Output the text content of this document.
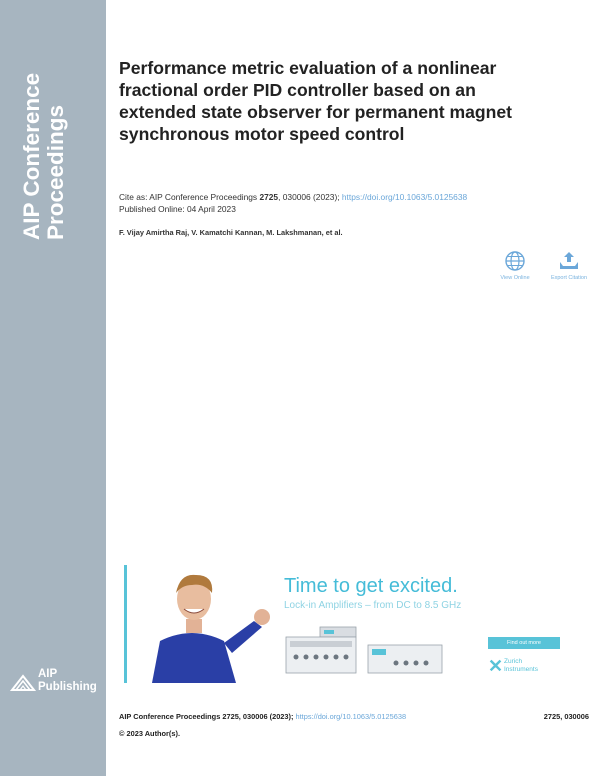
AIP Conference Proceedings
AIP
Publishing
Performance metric evaluation of a nonlinear fractional order PID controller based on an extended state observer for permanent magnet synchronous motor speed control
Cite as: AIP Conference Proceedings 2725, 030006 (2023); https://doi.org/10.1063/5.0125638
Published Online: 04 April 2023
F. Vijay Amirtha Raj, V. Kamatchi Kannan, M. Lakshmanan, et al.
View Online	Export Citation
Time to get excited.
Lock-in Amplifiers – from DC to 8.5 GHz
Find out more
✕ Zurich
Instruments
AIP Conference Proceedings 2725, 030006 (2023); https://doi.org/10.1063/5.0125638	2725, 030006
© 2023 Author(s).
